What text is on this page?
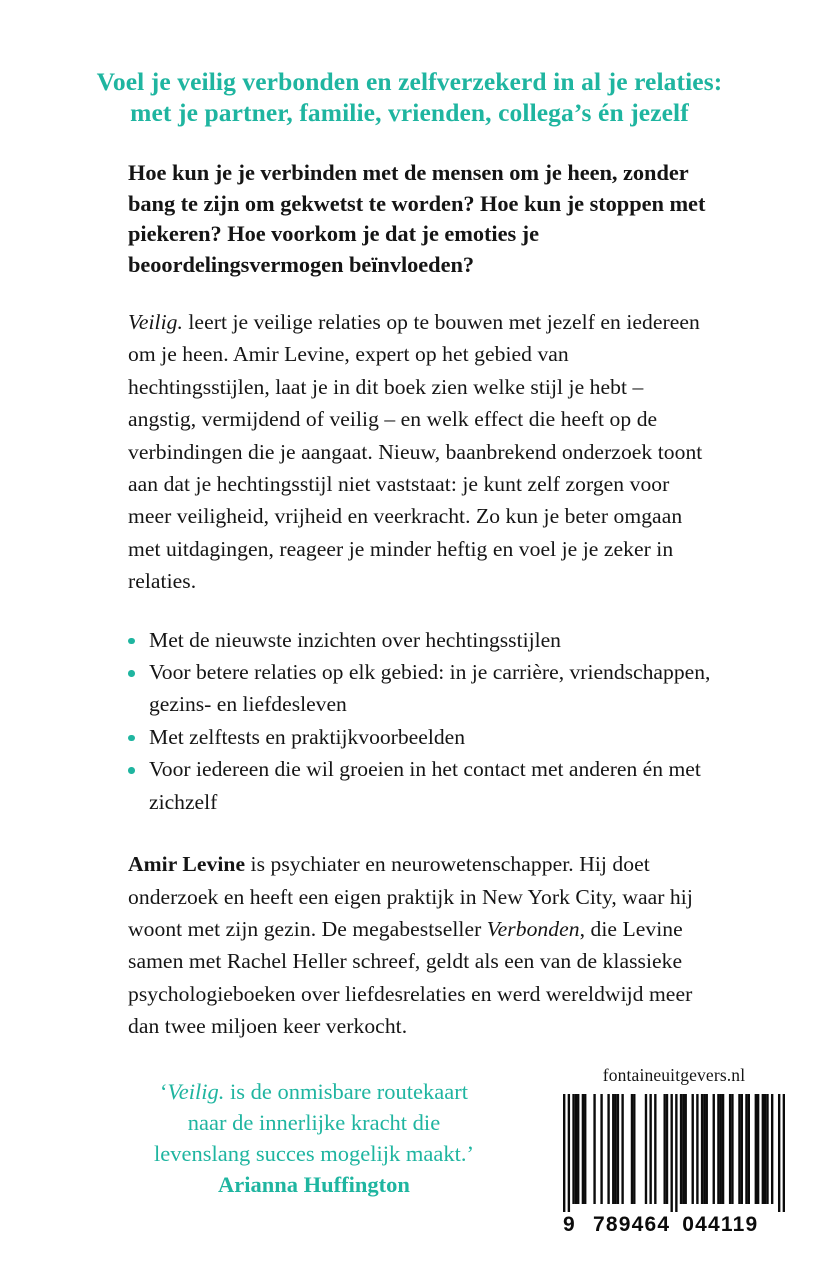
Voel je veilig verbonden en zelfverzekerd in al je relaties:
met je partner, familie, vrienden, collega’s én jezelf

Hoe kun je je verbinden met de mensen om je heen, zonder bang te zijn om gekwetst te worden? Hoe kun je stoppen met piekeren? Hoe voorkom je dat je emoties je beoordelingsvermogen beïnvloeden?

Veilig. leert je veilige relaties op te bouwen met jezelf en iedereen om je heen. Amir Levine, expert op het gebied van hechtingsstijlen, laat je in dit boek zien welke stijl je hebt – angstig, vermijdend of veilig – en welk effect die heeft op de verbindingen die je aangaat. Nieuw, baanbrekend onderzoek toont aan dat je hechtingsstijl niet vaststaat: je kunt zelf zorgen voor meer veiligheid, vrijheid en veerkracht. Zo kun je beter omgaan met uitdagingen, reageer je minder heftig en voel je je zeker in relaties.

Met de nieuwste inzichten over hechtingsstijlen
Voor betere relaties op elk gebied: in je carrière, vriendschappen, gezins- en liefdesleven
Met zelftests en praktijkvoorbeelden
Voor iedereen die wil groeien in het contact met anderen én met zichzelf

Amir Levine is psychiater en neurowetenschapper. Hij doet onderzoek en heeft een eigen praktijk in New York City, waar hij woont met zijn gezin. De megabestseller Verbonden, die Levine samen met Rachel Heller schreef, geldt als een van de klassieke psychologieboeken over liefdesrelaties en werd wereldwijd meer dan twee miljoen keer verkocht.

‘Veilig. is de onmisbare routekaart
naar de innerlijke kracht die
levenslang succes mogelijk maakt.’
Arianna Huffington
fontaineuitgevers.nl
9 789464 044119
